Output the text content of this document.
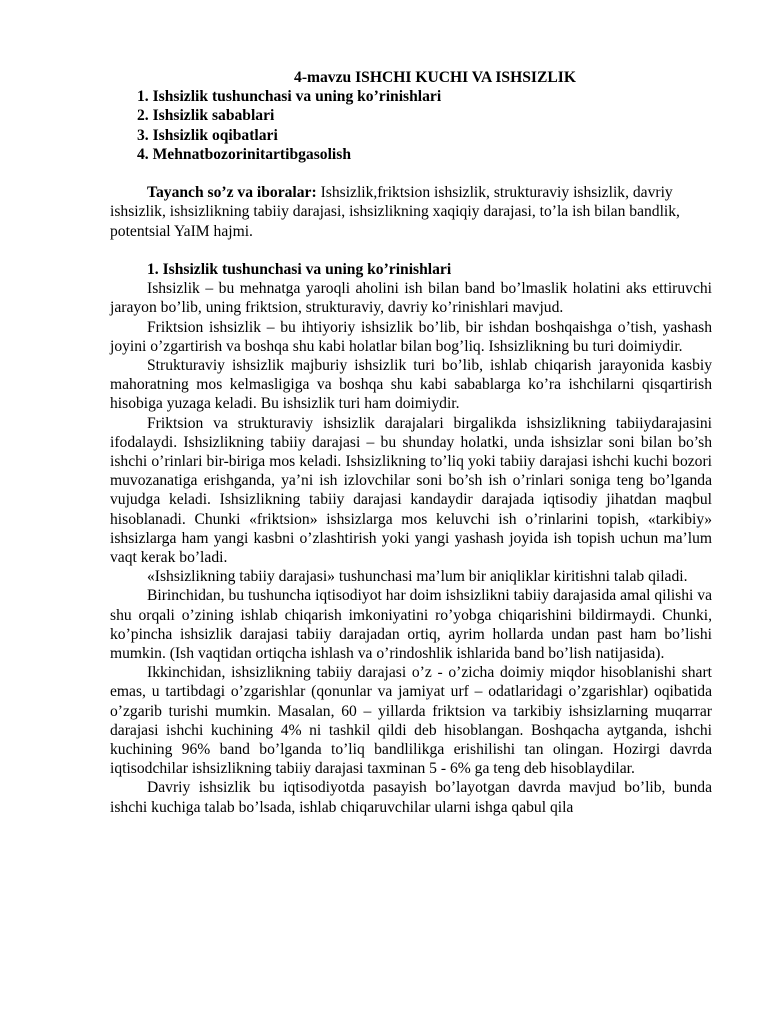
4-mavzu ISHCHI KUCHI VA ISHSIZLIK

1. Ishsizlik tushunchasi va uning ko’rinishlari
2. Ishsizlik sabablari
3. Ishsizlik oqibatlari
4. Mehnatbozorinitartibgasolish

Tayanch so’z va iboralar: Ishsizlik,friktsion ishsizlik, strukturaviy ishsizlik, davriy ishsizlik, ishsizlikning tabiiy darajasi, ishsizlikning xaqiqiy darajasi, to’la ish bilan bandlik, potentsial YaIM hajmi.

1. Ishsizlik tushunchasi va uning ko’rinishlari

Ishsizlik – bu mehnatga yaroqli aholini ish bilan band bo’lmaslik holatini aks ettiruvchi jarayon bo’lib, uning friktsion, strukturaviy, davriy ko’rinishlari mavjud.

Friktsion ishsizlik – bu ihtiyoriy ishsizlik bo’lib, bir ishdan boshqaishga o’tish, yashash joyini o’zgartirish va boshqa shu kabi holatlar bilan bog’liq. Ishsizlikning bu turi doimiydir.

Strukturaviy ishsizlik majburiy ishsizlik turi bo’lib, ishlab chiqarish jarayonida kasbiy mahoratning mos kelmasligiga va boshqa shu kabi sabablarga ko’ra ishchilarni qisqartirish hisobiga yuzaga keladi. Bu ishsizlik turi ham doimiydir.

Friktsion va strukturaviy ishsizlik darajalari birgalikda ishsizlikning tabiiydarajasini ifodalaydi. Ishsizlikning tabiiy darajasi – bu shunday holatki, unda ishsizlar soni bilan bo’sh ishchi o’rinlari bir-biriga mos keladi. Ishsizlikning to’liq yoki tabiiy darajasi ishchi kuchi bozori muvozanatiga erishganda, ya’ni ish izlovchilar soni bo’sh ish o’rinlari soniga teng bo’lganda vujudga keladi. Ishsizlikning tabiiy darajasi kandaydir darajada iqtisodiy jihatdan maqbul hisoblanadi. Chunki «friktsion» ishsizlarga mos keluvchi ish o’rinlarini topish, «tarkibiy» ishsizlarga ham yangi kasbni o’zlashtirish yoki yangi yashash joyida ish topish uchun ma’lum vaqt kerak bo’ladi.

«Ishsizlikning tabiiy darajasi» tushunchasi ma’lum bir aniqliklar kiritishni talab qiladi.

Birinchidan, bu tushuncha iqtisodiyot har doim ishsizlikni tabiiy darajasida amal qilishi va shu orqali o’zining ishlab chiqarish imkoniyatini ro’yobga chiqarishini bildirmaydi. Chunki, ko’pincha ishsizlik darajasi tabiiy darajadan ortiq, ayrim hollarda undan past ham bo’lishi mumkin. (Ish vaqtidan ortiqcha ishlash va o’rindoshlik ishlarida band bo’lish natijasida).

Ikkinchidan, ishsizlikning tabiiy darajasi o’z - o’zicha doimiy miqdor hisoblanishi shart emas, u tartibdagi o’zgarishlar (qonunlar va jamiyat urf – odatlaridagi o’zgarishlar) oqibatida o’zgarib turishi mumkin. Masalan, 60 – yillarda friktsion va tarkibiy ishsizlarning muqarrar darajasi ishchi kuchining 4% ni tashkil qildi deb hisoblangan. Boshqacha aytganda, ishchi kuchining 96% band bo’lganda to’liq bandlilikga erishilishi tan olingan. Hozirgi davrda iqtisodchilar ishsizlikning tabiiy darajasi taxminan 5 - 6% ga teng deb hisoblaydilar.

Davriy ishsizlik bu iqtisodiyotda pasayish bo’layotgan davrda mavjud bo’lib, bunda ishchi kuchiga talab bo’lsada, ishlab chiqaruvchilar ularni ishga qabul qila
